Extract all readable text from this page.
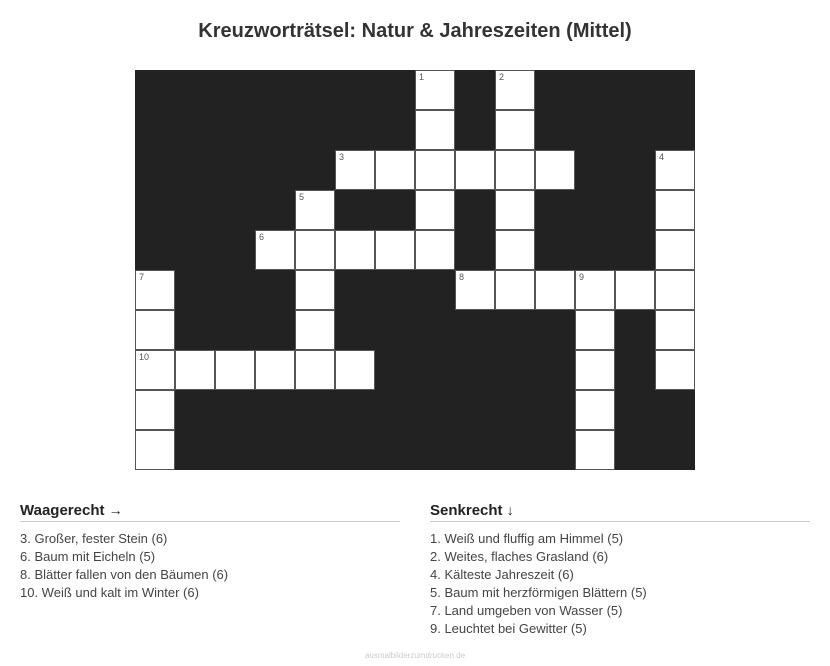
Kreuzworträtsel: Natur & Jahreszeiten (Mittel)
1	2
3	4
5
6
7	8	9
10
Waagerecht →
3. Großer, fester Stein (6)
6. Baum mit Eicheln (5)
8. Blätter fallen von den Bäumen (6)
10. Weiß und kalt im Winter (6)
Senkrecht ↓
1. Weiß und fluffig am Himmel (5)
2. Weites, flaches Grasland (6)
4. Kälteste Jahreszeit (6)
5. Baum mit herzförmigen Blättern (5)
7. Land umgeben von Wasser (5)
9. Leuchtet bei Gewitter (5)
ausmalbilderzumdrucken.de
